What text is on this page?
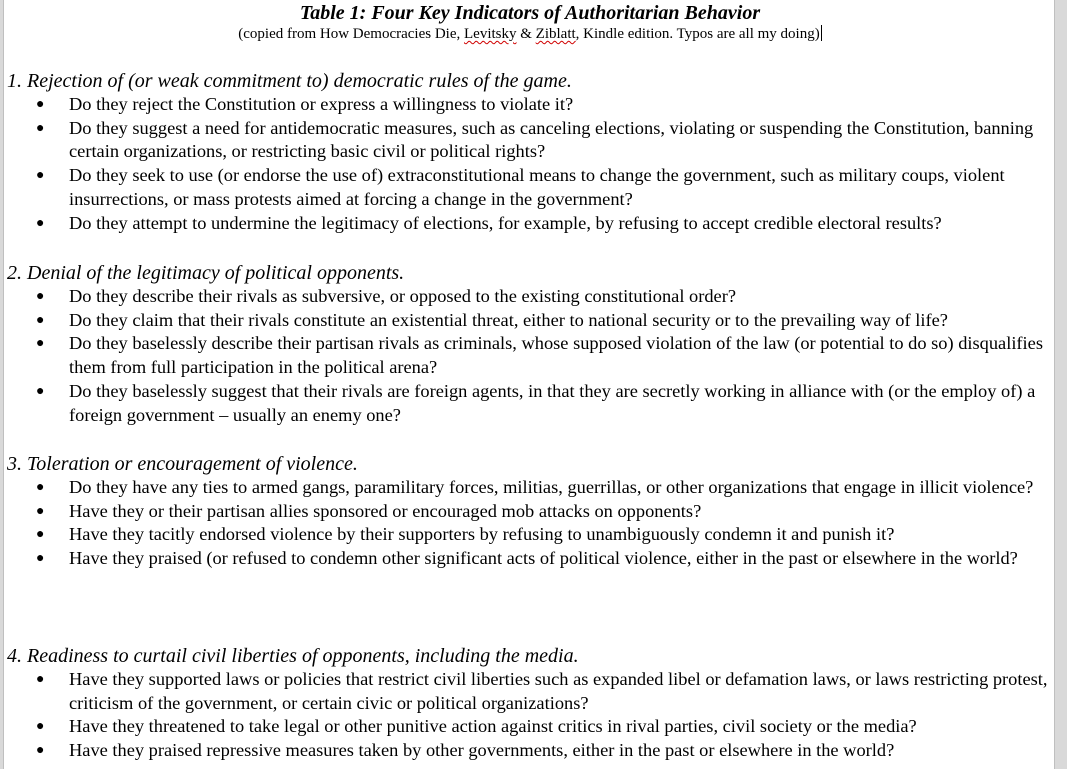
Table 1: Four Key Indicators of Authoritarian Behavior
(copied from How Democracies Die, Levitsky & Ziblatt, Kindle edition. Typos are all my doing)
1. Rejection of (or weak commitment to) democratic rules of the game.
● Do they reject the Constitution or express a willingness to violate it?
● Do they suggest a need for antidemocratic measures, such as canceling elections, violating or suspending the Constitution, banning certain organizations, or restricting basic civil or political rights?
● Do they seek to use (or endorse the use of) extraconstitutional means to change the government, such as military coups, violent insurrections, or mass protests aimed at forcing a change in the government?
● Do they attempt to undermine the legitimacy of elections, for example, by refusing to accept credible electoral results?
2. Denial of the legitimacy of political opponents.
● Do they describe their rivals as subversive, or opposed to the existing constitutional order?
● Do they claim that their rivals constitute an existential threat, either to national security or to the prevailing way of life?
● Do they baselessly describe their partisan rivals as criminals, whose supposed violation of the law (or potential to do so) disqualifies them from full participation in the political arena?
● Do they baselessly suggest that their rivals are foreign agents, in that they are secretly working in alliance with (or the employ of) a foreign government – usually an enemy one?
3. Toleration or encouragement of violence.
● Do they have any ties to armed gangs, paramilitary forces, militias, guerrillas, or other organizations that engage in illicit violence?
● Have they or their partisan allies sponsored or encouraged mob attacks on opponents?
● Have they tacitly endorsed violence by their supporters by refusing to unambiguously condemn it and punish it?
● Have they praised (or refused to condemn other significant acts of political violence, either in the past or elsewhere in the world?
4. Readiness to curtail civil liberties of opponents, including the media.
● Have they supported laws or policies that restrict civil liberties such as expanded libel or defamation laws, or laws restricting protest, criticism of the government, or certain civic or political organizations?
● Have they threatened to take legal or other punitive action against critics in rival parties, civil society or the media?
● Have they praised repressive measures taken by other governments, either in the past or elsewhere in the world?
